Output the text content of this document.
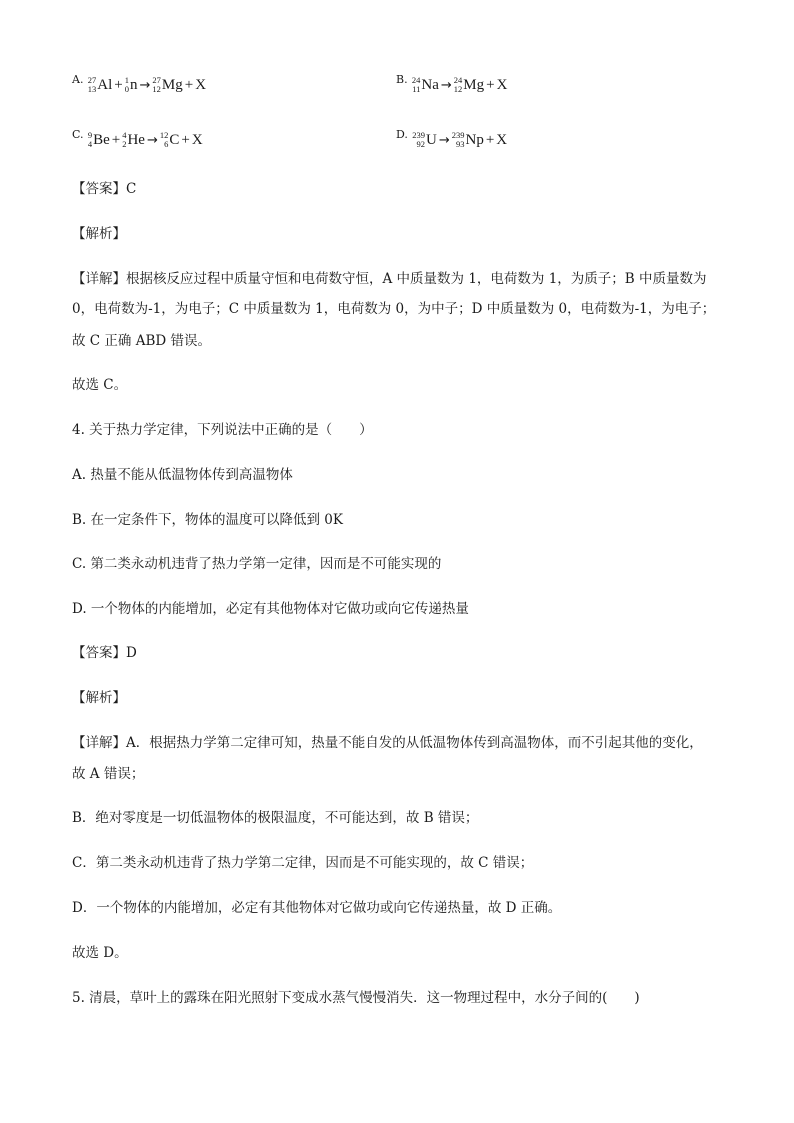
A. 27
13 Al + 1
0 n → 27
12 Mg + X	B. 24
11 Na → 24
12 Mg + X
C. 9
4 Be + 4
2 He → 12
6 C + X	D. 239
92 U → 239
93 Np + X
【答案】C
【解析】
【详解】根据核反应过程中质量守恒和电荷数守恒，A 中质量数为 1，电荷数为 1，为质子；B 中质量数为
0，电荷数为-1，为电子；C 中质量数为 1，电荷数为 0，为中子；D 中质量数为 0，电荷数为-1，为电子；
故 C 正确 ABD 错误。
故选 C。
4. 关于热力学定律，下列说法中正确的是（　　）
A. 热量不能从低温物体传到高温物体
B. 在一定条件下，物体的温度可以降低到 0K
C. 第二类永动机违背了热力学第一定律，因而是不可能实现的
D. 一个物体的内能增加，必定有其他物体对它做功或向它传递热量
【答案】D
【解析】
【详解】A．根据热力学第二定律可知，热量不能自发的从低温物体传到高温物体，而不引起其他的变化，
故 A 错误；
B．绝对零度是一切低温物体的极限温度，不可能达到，故 B 错误；
C．第二类永动机违背了热力学第二定律，因而是不可能实现的，故 C 错误；
D．一个物体的内能增加，必定有其他物体对它做功或向它传递热量，故 D 正确。
故选 D。
5. 清晨，草叶上的露珠在阳光照射下变成水蒸气慢慢消失．这一物理过程中，水分子间的(　　)
